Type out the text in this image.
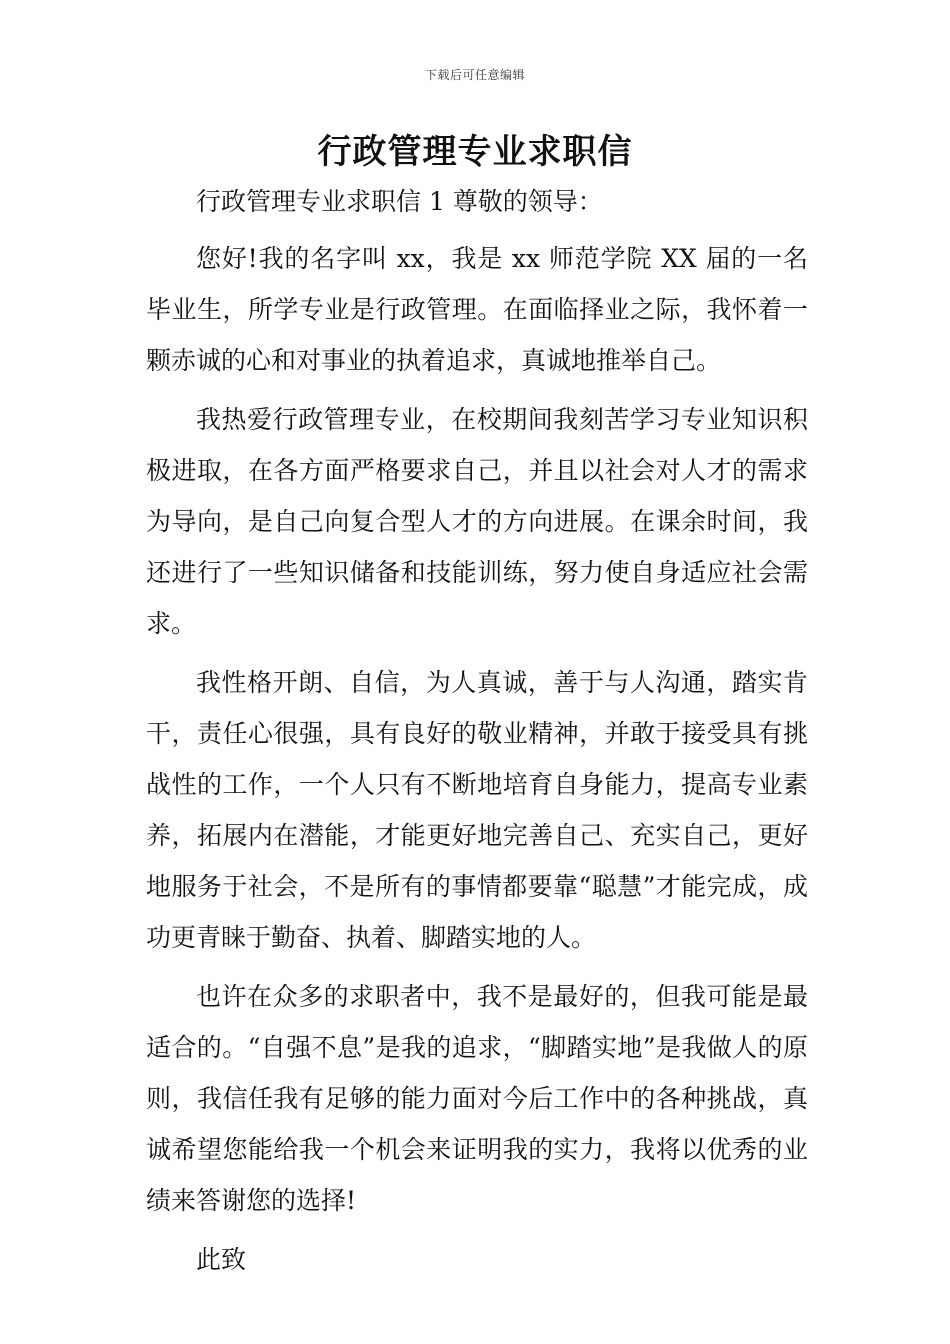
下载后可任意编辑
行政管理专业求职信

行政管理专业求职信 1 尊敬的领导：

您好!我的名字叫 xx，我是 xx 师范学院 XX 届的一名毕业生，所学专业是行政管理。在面临择业之际，我怀着一颗赤诚的心和对事业的执着追求，真诚地推举自己。

我热爱行政管理专业，在校期间我刻苦学习专业知识积极进取，在各方面严格要求自己，并且以社会对人才的需求为导向，是自己向复合型人才的方向进展。在课余时间，我还进行了一些知识储备和技能训练，努力使自身适应社会需求。

我性格开朗、自信，为人真诚，善于与人沟通，踏实肯干，责任心很强，具有良好的敬业精神，并敢于接受具有挑战性的工作，一个人只有不断地培育自身能力，提高专业素养，拓展内在潜能，才能更好地完善自己、充实自己，更好地服务于社会，不是所有的事情都要靠“聪慧”才能完成，成功更青睐于勤奋、执着、脚踏实地的人。

也许在众多的求职者中，我不是最好的，但我可能是最适合的。“自强不息”是我的追求，“脚踏实地”是我做人的原则，我信任我有足够的能力面对今后工作中的各种挑战，真诚希望您能给我一个机会来证明我的实力，我将以优秀的业绩来答谢您的选择!

此致
